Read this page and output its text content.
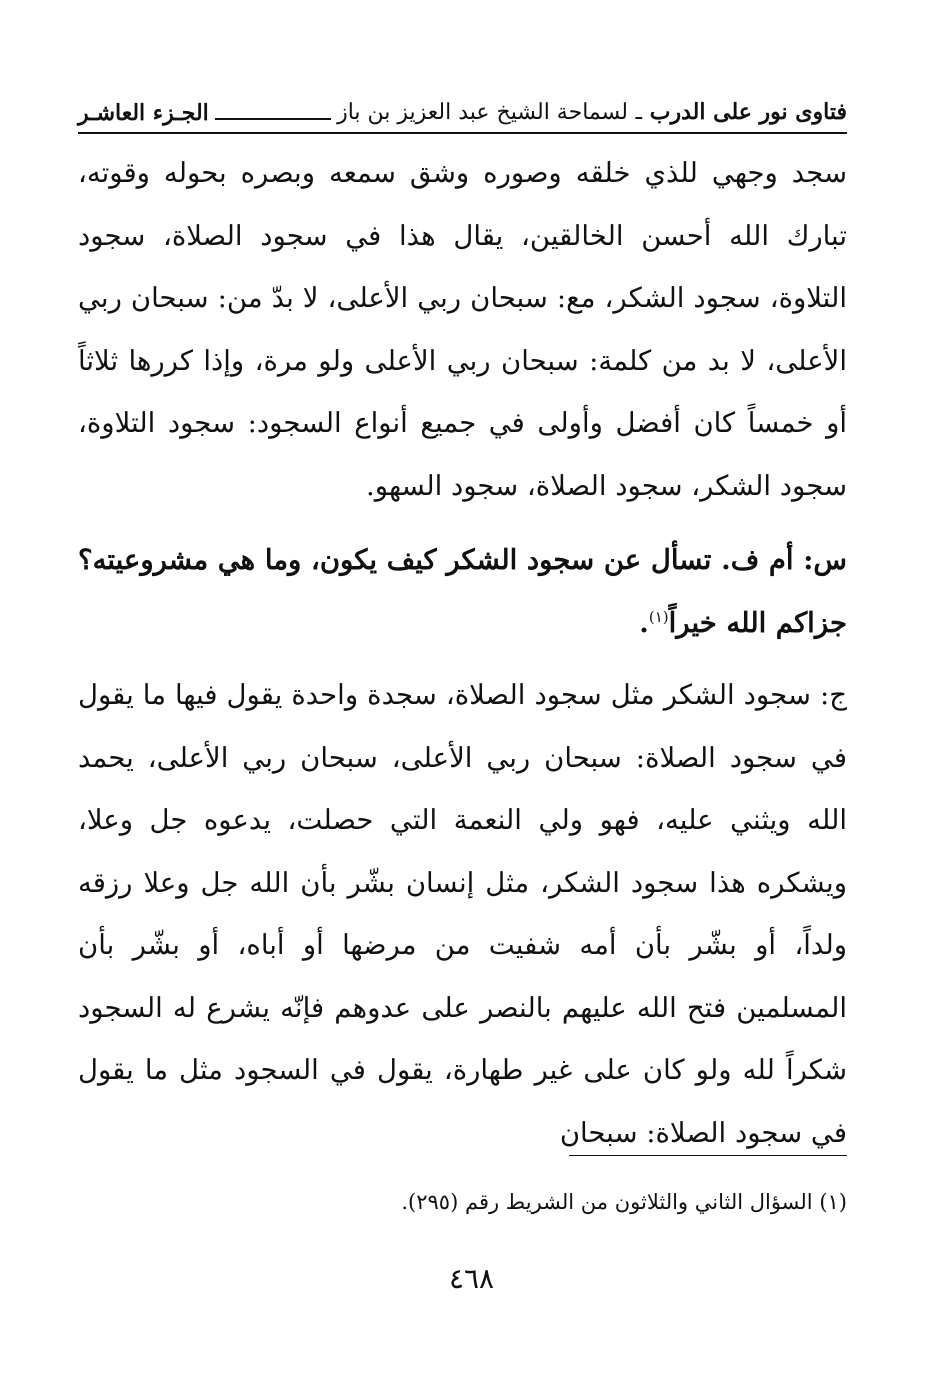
فتاوى نور على الدرب ـ لسماحة الشيخ عبد العزيز بن باز
الجـزء العاشـر

سجد وجهي للذي خلقه وصوره وشق سمعه وبصره بحوله وقوته، تبارك الله أحسن الخالقين، يقال هذا في سجود الصلاة، سجود التلاوة، سجود الشكر، مع: سبحان ربي الأعلى، لا بدّ من: سبحان ربي الأعلى، لا بد من كلمة: سبحان ربي الأعلى ولو مرة، وإذا كررها ثلاثاً أو خمساً كان أفضل وأولى في جميع أنواع السجود: سجود التلاوة، سجود الشكر، سجود الصلاة، سجود السهو.

س: أم ف. تسأل عن سجود الشكر كيف يكون، وما هي مشروعيته؟ جزاكم الله خيراً$^{(١)}$.

ج: سجود الشكر مثل سجود الصلاة، سجدة واحدة يقول فيها ما يقول في سجود الصلاة: سبحان ربي الأعلى، سبحان ربي الأعلى، يحمد الله ويثني عليه، فهو ولي النعمة التي حصلت، يدعوه جل وعلا، ويشكره هذا سجود الشكر، مثل إنسان بشّر بأن الله جل وعلا رزقه ولداً، أو بشّر بأن أمه شفيت من مرضها أو أباه، أو بشّر بأن المسلمين فتح الله عليهم بالنصر على عدوهم فإنّه يشرع له السجود شكراً لله ولو كان على غير طهارة، يقول في السجود مثل ما يقول في سجود الصلاة: سبحان

(١) السؤال الثاني والثلاثون من الشريط رقم (٢٩٥).
٤٦٨
